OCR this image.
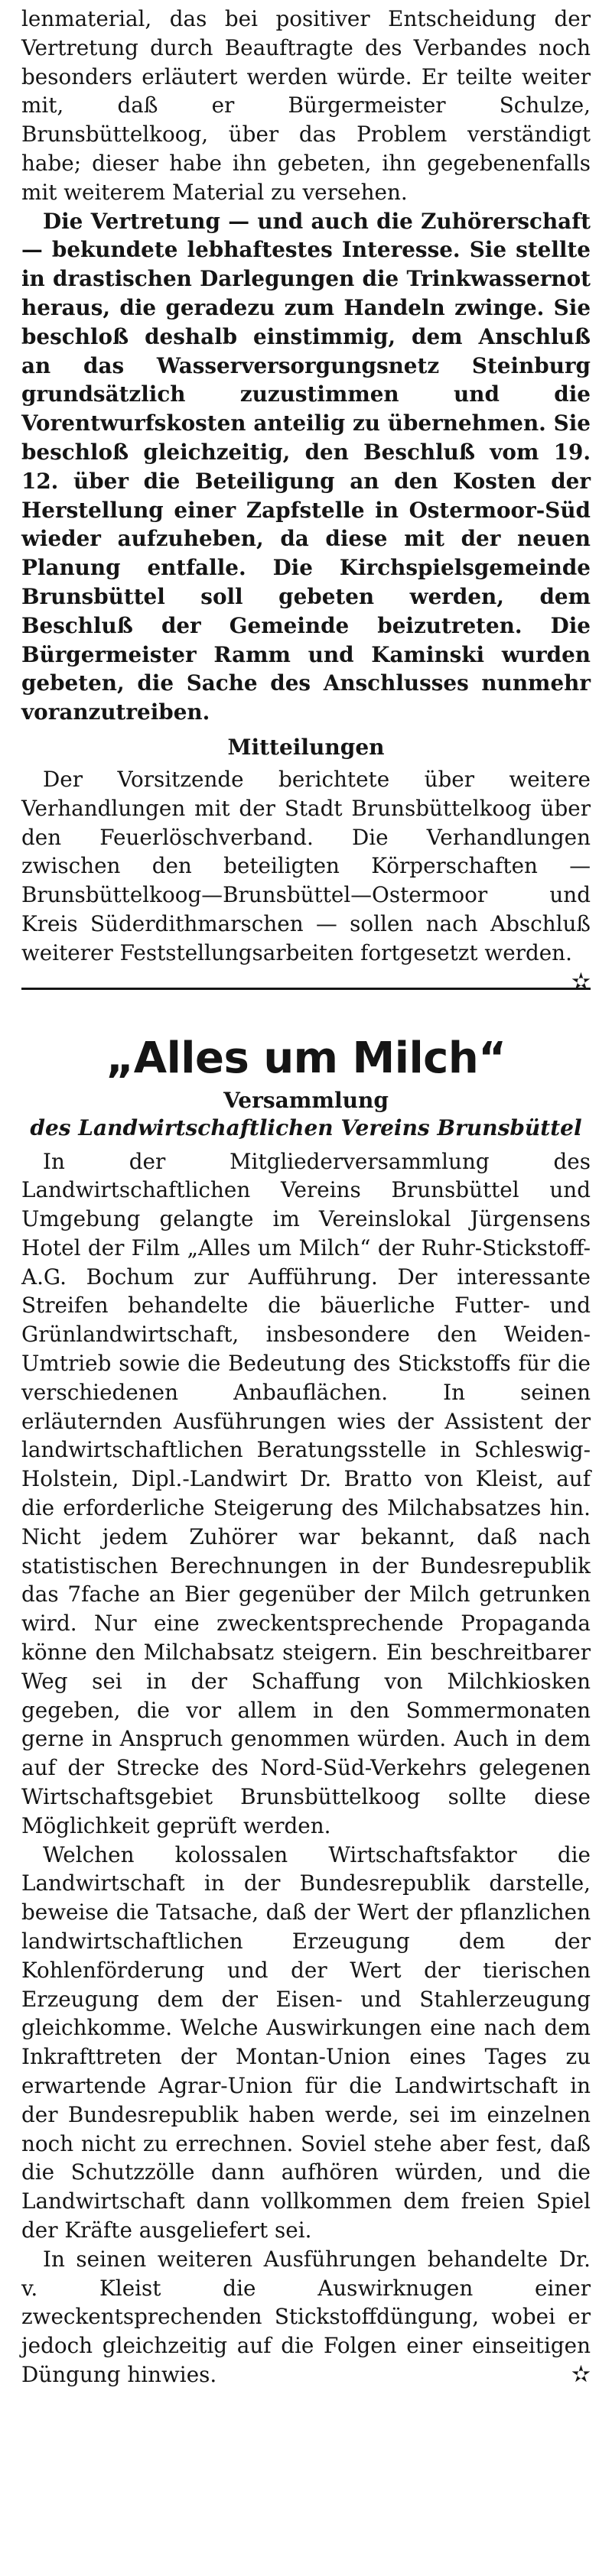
lenmaterial, das bei positiver Entscheidung der Vertretung durch Beauftragte des Verbandes noch besonders erläutert werden würde. Er teilte weiter mit, daß er Bürgermeister Schulze, Brunsbüttelkoog, über das Problem verständigt habe; dieser habe ihn gebeten, ihn gegebenenfalls mit weiterem Material zu versehen.

Die Vertretung — und auch die Zuhörerschaft — bekundete lebhaftestes Interesse. Sie stellte in drastischen Darlegungen die Trinkwassernot heraus, die geradezu zum Handeln zwinge. Sie beschloß deshalb einstimmig, dem Anschluß an das Wasserversorgungsnetz Steinburg grundsätzlich zuzustimmen und die Vorentwurfskosten anteilig zu übernehmen. Sie beschloß gleichzeitig, den Beschluß vom 19. 12. über die Beteiligung an den Kosten der Herstellung einer Zapfstelle in Ostermoor-Süd wieder aufzuheben, da diese mit der neuen Planung entfalle. Die Kirchspielsgemeinde Brunsbüttel soll gebeten werden, dem Beschluß der Gemeinde beizutreten. Die Bürgermeister Ramm und Kaminski wurden gebeten, die Sache des Anschlusses nunmehr voranzutreiben.

Mitteilungen

Der Vorsitzende berichtete über weitere Verhandlungen mit der Stadt Brunsbüttelkoog über den Feuerlöschverband. Die Verhandlungen zwischen den beteiligten Körperschaften — Brunsbüttelkoog—Brunsbüttel—Ostermoor und Kreis Süderdithmarschen — sollen nach Abschluß weiterer Feststellungsarbeiten fortgesetzt werden.
✫

„Alles um Milch“
Versammlung
des Landwirtschaftlichen Vereins Brunsbüttel

In der Mitgliederversammlung des Landwirtschaftlichen Vereins Brunsbüttel und Umgebung gelangte im Vereinslokal Jürgensens Hotel der Film „Alles um Milch“ der Ruhr-Stickstoff-A.G. Bochum zur Aufführung. Der interessante Streifen behandelte die bäuerliche Futter- und Grünlandwirtschaft, insbesondere den Weiden-Umtrieb sowie die Bedeutung des Stickstoffs für die verschiedenen Anbauflächen. In seinen erläuternden Ausführungen wies der Assistent der landwirtschaftlichen Beratungsstelle in Schleswig-Holstein, Dipl.-Landwirt Dr. Bratto von Kleist, auf die erforderliche Steigerung des Milchabsatzes hin. Nicht jedem Zuhörer war bekannt, daß nach statistischen Berechnungen in der Bundesrepublik das 7fache an Bier gegenüber der Milch getrunken wird. Nur eine zweckentsprechende Propaganda könne den Milchabsatz steigern. Ein beschreitbarer Weg sei in der Schaffung von Milchkiosken gegeben, die vor allem in den Sommermonaten gerne in Anspruch genommen würden. Auch in dem auf der Strecke des Nord-Süd-Verkehrs gelegenen Wirtschaftsgebiet Brunsbüttelkoog sollte diese Möglichkeit geprüft werden.

Welchen kolossalen Wirtschaftsfaktor die Landwirtschaft in der Bundesrepublik darstelle, beweise die Tatsache, daß der Wert der pflanzlichen landwirtschaftlichen Erzeugung dem der Kohlenförderung und der Wert der tierischen Erzeugung dem der Eisen- und Stahlerzeugung gleichkomme. Welche Auswirkungen eine nach dem Inkrafttreten der Montan-Union eines Tages zu erwartende Agrar-Union für die Landwirtschaft in der Bundesrepublik haben werde, sei im einzelnen noch nicht zu errechnen. Soviel stehe aber fest, daß die Schutzzölle dann aufhören würden, und die Landwirtschaft dann vollkommen dem freien Spiel der Kräfte ausgeliefert sei.

In seinen weiteren Ausführungen behandelte Dr. v. Kleist die Auswirknugen einer zweckentsprechenden Stickstoffdüngung, wobei er jedoch gleichzeitig auf die Folgen einer einseitigen Düngung hinwies.	✫
